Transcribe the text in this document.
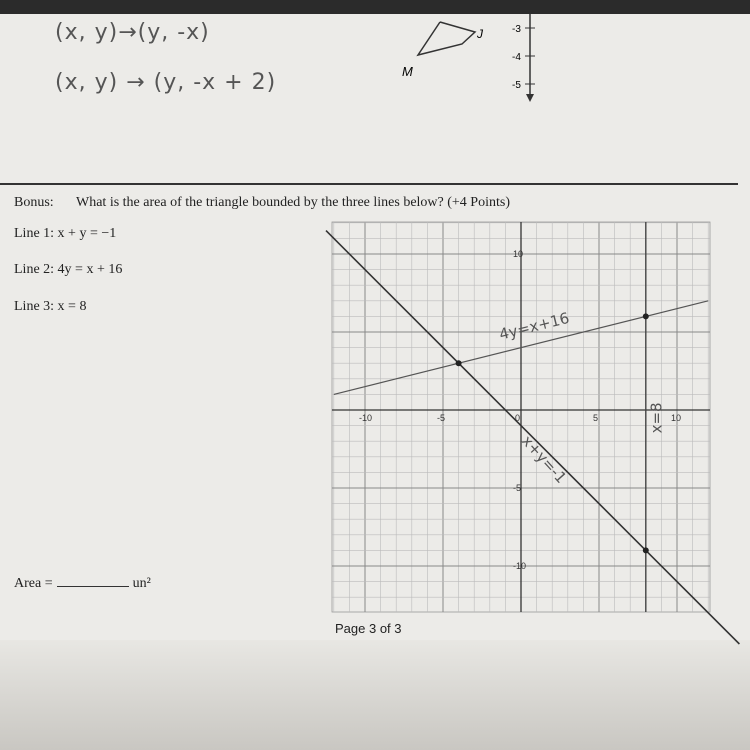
(x, y)→(y, -x)
(x, y) → (y, -x + 2)
Bonus: What is the area of the triangle bounded by the three lines below? (+4 Points)
Line 1: x + y = −1
Line 2: 4y = x + 16
Line 3: x = 8
Area =	un²
Page 3 of 3
J
M
-3
-4
-5
-10	-5	0	5	10
10
-5
-10
4y=x+16
x+y=-1
x=8
